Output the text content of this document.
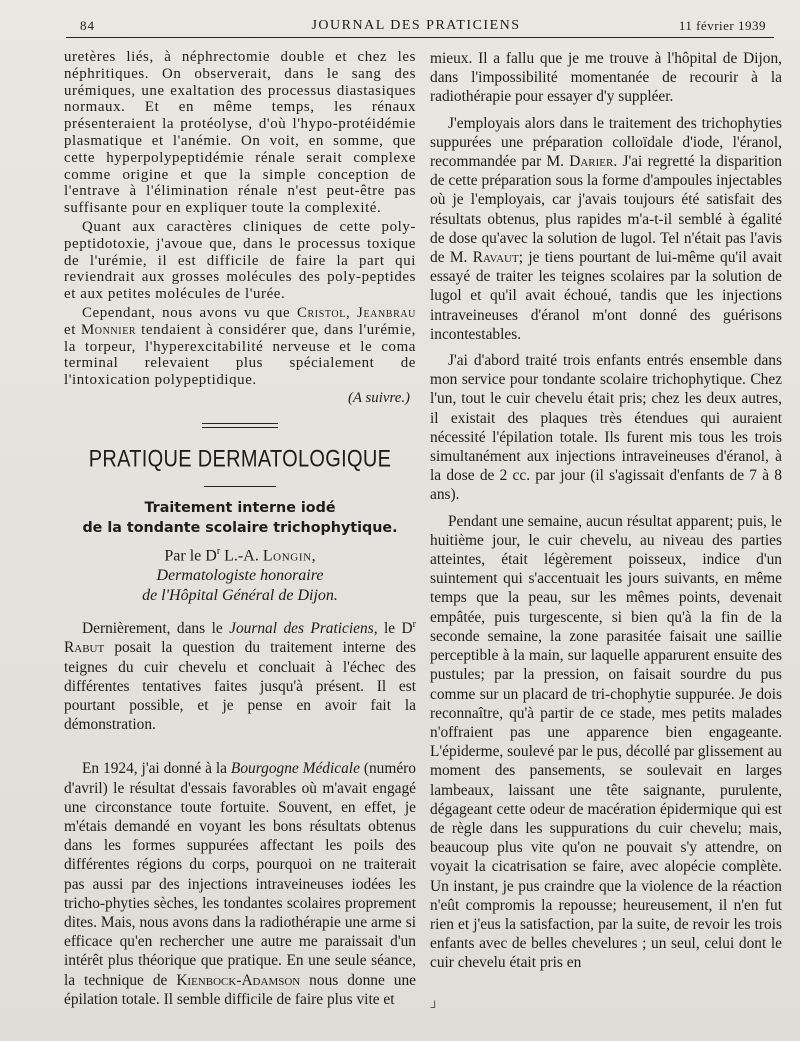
84	JOURNAL DES PRATICIENS	11 février 1939

uretères liés, à néphrectomie double et chez les néphritiques. On observerait, dans le sang des urémiques, une exaltation des processus diastasiques normaux. Et en même temps, les rénaux présenteraient la protéolyse, d'où l'hypo-protéidémie plasmatique et l'anémie. On voit, en somme, que cette hyperpolypeptidémie rénale serait complexe comme origine et que la simple conception de l'entrave à l'élimination rénale n'est peut-être pas suffisante pour en expliquer toute la complexité.

Quant aux caractères cliniques de cette poly-peptidotoxie, j'avoue que, dans le processus toxique de l'urémie, il est difficile de faire la part qui reviendrait aux grosses molécules des poly-peptides et aux petites molécules de l'urée.

Cependant, nous avons vu que Cristol, Jeanbrau et Monnier tendaient à considérer que, dans l'urémie, la torpeur, l'hyperexcitabilité nerveuse et le coma terminal relevaient plus spécialement de l'intoxication polypeptidique.

(A suivre.)
PRATIQUE DERMATOLOGIQUE
Traitement interne iodé
de la tondante scolaire trichophytique.
Par le $D^r$ L.-A. Longin,
Dermatologiste honoraire
de l'Hôpital Général de Dijon.

Dernièrement, dans le Journal des Praticiens, le $D^r$ Rabut posait la question du traitement interne des teignes du cuir chevelu et concluait à l'échec des différentes tentatives faites jusqu'à présent. Il est pourtant possible, et je pense en avoir fait la démonstration.

En 1924, j'ai donné à la Bourgogne Médicale (numéro d'avril) le résultat d'essais favorables où m'avait engagé une circonstance toute fortuite. Souvent, en effet, je m'étais demandé en voyant les bons résultats obtenus dans les formes suppurées affectant les poils des différentes régions du corps, pourquoi on ne traiterait pas aussi par des injections intraveineuses iodées les tricho-phyties sèches, les tondantes scolaires proprement dites. Mais, nous avons dans la radiothérapie une arme si efficace qu'en rechercher une autre me paraissait d'un intérêt plus théorique que pratique. En une seule séance, la technique de Kienbock-Adamson nous donne une épilation totale. Il semble difficile de faire plus vite et

mieux. Il a fallu que je me trouve à l'hôpital de Dijon, dans l'impossibilité momentanée de recourir à la radiothérapie pour essayer d'y suppléer.

J'employais alors dans le traitement des trichophyties suppurées une préparation colloïdale d'iode, l'éranol, recommandée par M. Darier. J'ai regretté la disparition de cette préparation sous la forme d'ampoules injectables où je l'employais, car j'avais toujours été satisfait des résultats obtenus, plus rapides m'a-t-il semblé à égalité de dose qu'avec la solution de lugol. Tel n'était pas l'avis de M. Ravaut; je tiens pourtant de lui-même qu'il avait essayé de traiter les teignes scolaires par la solution de lugol et qu'il avait échoué, tandis que les injections intraveineuses d'éranol m'ont donné des guérisons incontestables.

J'ai d'abord traité trois enfants entrés ensemble dans mon service pour tondante scolaire trichophytique. Chez l'un, tout le cuir chevelu était pris; chez les deux autres, il existait des plaques très étendues qui auraient nécessité l'épilation totale. Ils furent mis tous les trois simultanément aux injections intraveineuses d'éranol, à la dose de 2 cc. par jour (il s'agissait d'enfants de 7 à 8 ans).

Pendant une semaine, aucun résultat apparent; puis, le huitième jour, le cuir chevelu, au niveau des parties atteintes, était légèrement poisseux, indice d'un suintement qui s'accentuait les jours suivants, en même temps que la peau, sur les mêmes points, devenait empâtée, puis turgescente, si bien qu'à la fin de la seconde semaine, la zone parasitée faisait une saillie perceptible à la main, sur laquelle apparurent ensuite des pustules; par la pression, on faisait sourdre du pus comme sur un placard de tri-chophytie suppurée. Je dois reconnaître, qu'à partir de ce stade, mes petits malades n'offraient pas une apparence bien engageante. L'épiderme, soulevé par le pus, décollé par glissement au moment des pansements, se soulevait en larges lambeaux, laissant une tête saignante, purulente, dégageant cette odeur de macération épidermique qui est de règle dans les suppurations du cuir chevelu; mais, beaucoup plus vite qu'on ne pouvait s'y attendre, on voyait la cicatrisation se faire, avec alopécie complète. Un instant, je pus craindre que la violence de la réaction n'eût compromis la repousse; heureusement, il n'en fut rien et j'eus la satisfaction, par la suite, de revoir les trois enfants avec de belles chevelures ; un seul, celui dont le cuir chevelu était pris en

ᒧ
